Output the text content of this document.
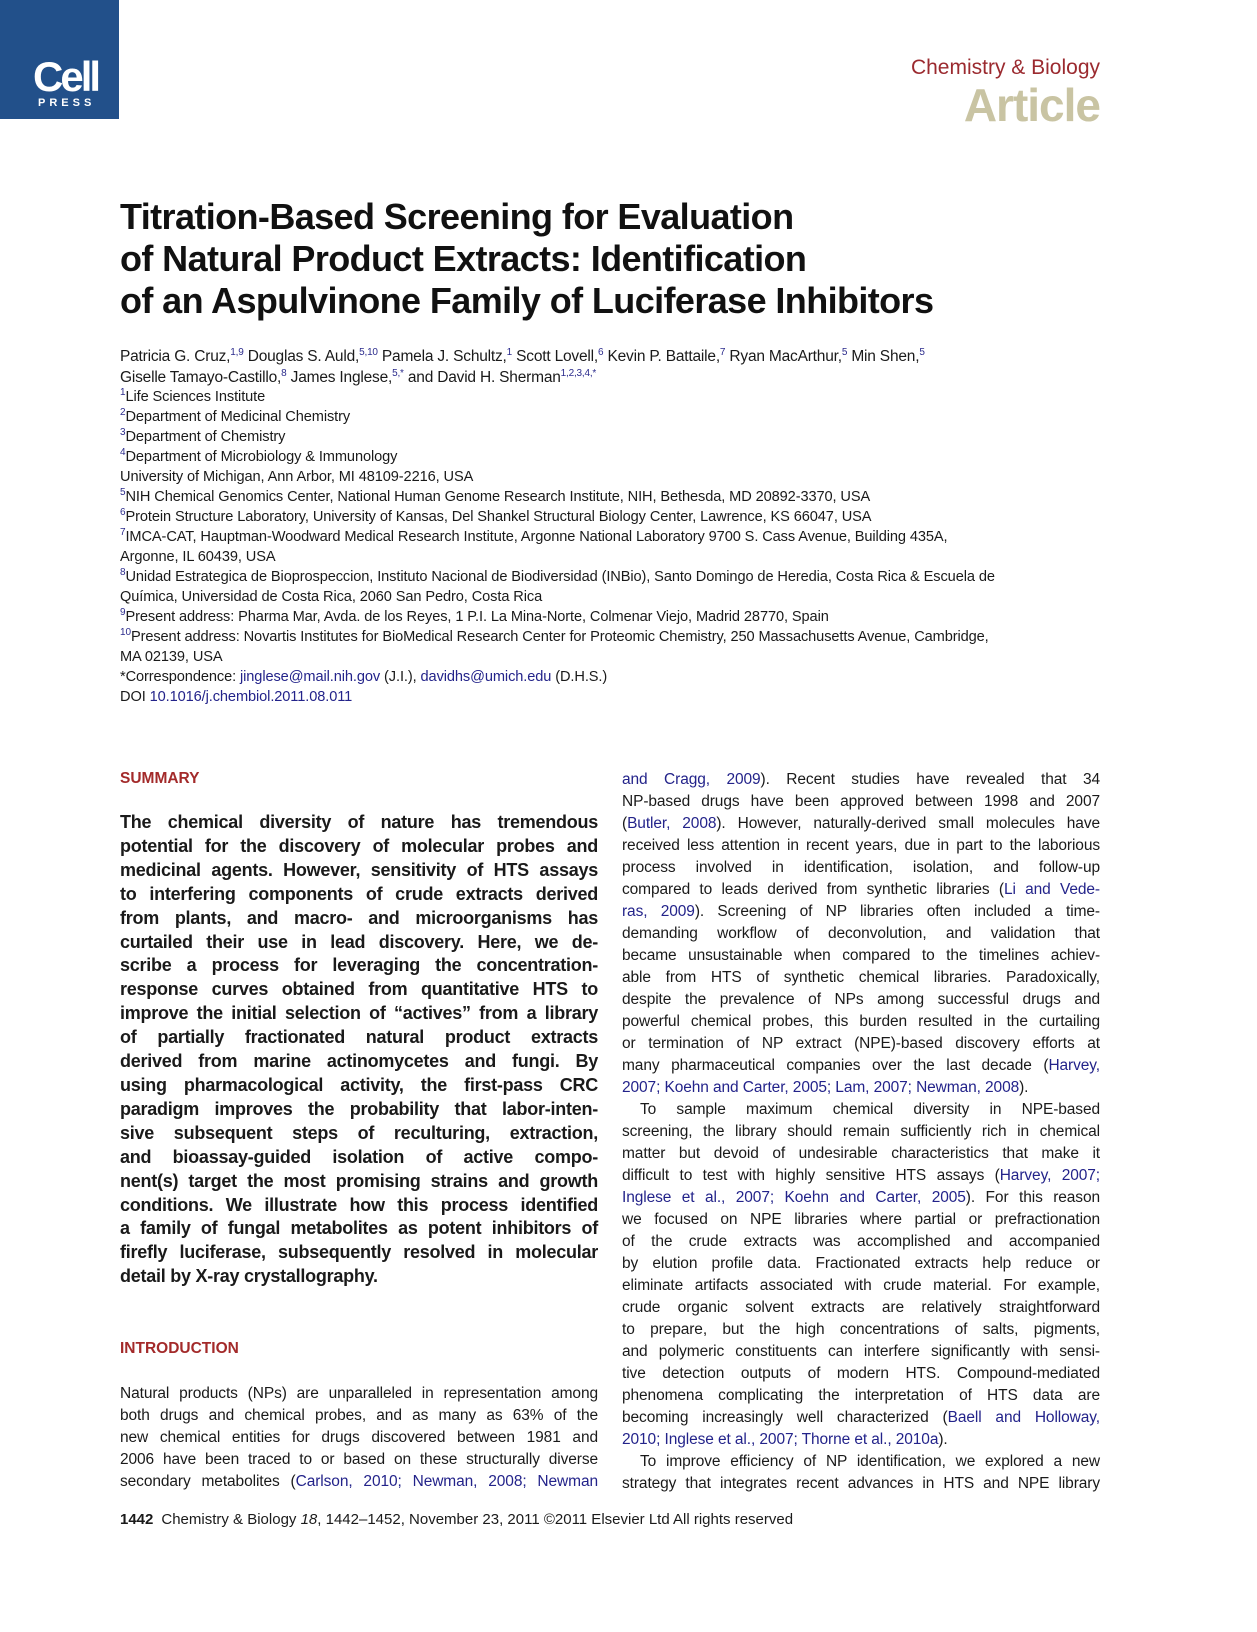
Cell
PRESS
Chemistry & Biology
Article
Titration-Based Screening for Evaluation
of Natural Product Extracts: Identification
of an Aspulvinone Family of Luciferase Inhibitors
Patricia G. Cruz,$^{1,9}$ Douglas S. Auld,$^{5,10}$ Pamela J. Schultz,$^1$ Scott Lovell,$^6$ Kevin P. Battaile,$^7$ Ryan MacArthur,$^5$ Min Shen,$^5$
Giselle Tamayo-Castillo,$^8$ James Inglese,$^{5,*}$ and David H. Sherman$^{1,2,3,4,*}$
$^1$Life Sciences Institute
$^2$Department of Medicinal Chemistry
$^3$Department of Chemistry
$^4$Department of Microbiology & Immunology
University of Michigan, Ann Arbor, MI 48109-2216, USA
$^5$NIH Chemical Genomics Center, National Human Genome Research Institute, NIH, Bethesda, MD 20892-3370, USA
$^6$Protein Structure Laboratory, University of Kansas, Del Shankel Structural Biology Center, Lawrence, KS 66047, USA
$^7$IMCA-CAT, Hauptman-Woodward Medical Research Institute, Argonne National Laboratory 9700 S. Cass Avenue, Building 435A,
Argonne, IL 60439, USA
$^8$Unidad Estrategica de Bioprospeccion, Instituto Nacional de Biodiversidad (INBio), Santo Domingo de Heredia, Costa Rica & Escuela de
Química, Universidad de Costa Rica, 2060 San Pedro, Costa Rica
$^9$Present address: Pharma Mar, Avda. de los Reyes, 1 P.I. La Mina-Norte, Colmenar Viejo, Madrid 28770, Spain
$^{10}$Present address: Novartis Institutes for BioMedical Research Center for Proteomic Chemistry, 250 Massachusetts Avenue, Cambridge,
MA 02139, USA
*Correspondence: jinglese@mail.nih.gov (J.I.), davidhs@umich.edu (D.H.S.)
DOI 10.1016/j.chembiol.2011.08.011
SUMMARY
The chemical diversity of nature has tremendous
potential for the discovery of molecular probes and
medicinal agents. However, sensitivity of HTS assays
to interfering components of crude extracts derived
from plants, and macro- and microorganisms has
curtailed their use in lead discovery. Here, we de-
scribe a process for leveraging the concentration-
response curves obtained from quantitative HTS to
improve the initial selection of “actives” from a library
of partially fractionated natural product extracts
derived from marine actinomycetes and fungi. By
using pharmacological activity, the first-pass CRC
paradigm improves the probability that labor-inten-
sive subsequent steps of reculturing, extraction,
and bioassay-guided isolation of active compo-
nent(s) target the most promising strains and growth
conditions. We illustrate how this process identified
a family of fungal metabolites as potent inhibitors of
firefly luciferase, subsequently resolved in molecular
detail by X-ray crystallography.
INTRODUCTION
Natural products (NPs) are unparalleled in representation among
both drugs and chemical probes, and as many as 63% of the
new chemical entities for drugs discovered between 1981 and
2006 have been traced to or based on these structurally diverse
secondary metabolites (Carlson, 2010; Newman, 2008; Newman
and Cragg, 2009). Recent studies have revealed that 34
NP-based drugs have been approved between 1998 and 2007
(Butler, 2008). However, naturally-derived small molecules have
received less attention in recent years, due in part to the laborious
process involved in identification, isolation, and follow-up
compared to leads derived from synthetic libraries (Li and Vede-
ras, 2009). Screening of NP libraries often included a time-
demanding workflow of deconvolution, and validation that
became unsustainable when compared to the timelines achiev-
able from HTS of synthetic chemical libraries. Paradoxically,
despite the prevalence of NPs among successful drugs and
powerful chemical probes, this burden resulted in the curtailing
or termination of NP extract (NPE)-based discovery efforts at
many pharmaceutical companies over the last decade (Harvey,
2007; Koehn and Carter, 2005; Lam, 2007; Newman, 2008).
To sample maximum chemical diversity in NPE-based
screening, the library should remain sufficiently rich in chemical
matter but devoid of undesirable characteristics that make it
difficult to test with highly sensitive HTS assays (Harvey, 2007;
Inglese et al., 2007; Koehn and Carter, 2005). For this reason
we focused on NPE libraries where partial or prefractionation
of the crude extracts was accomplished and accompanied
by elution profile data. Fractionated extracts help reduce or
eliminate artifacts associated with crude material. For example,
crude organic solvent extracts are relatively straightforward
to prepare, but the high concentrations of salts, pigments,
and polymeric constituents can interfere significantly with sensi-
tive detection outputs of modern HTS. Compound-mediated
phenomena complicating the interpretation of HTS data are
becoming increasingly well characterized (Baell and Holloway,
2010; Inglese et al., 2007; Thorne et al., 2010a).
To improve efficiency of NP identification, we explored a new
strategy that integrates recent advances in HTS and NPE library
1442 Chemistry & Biology 18, 1442–1452, November 23, 2011 ©2011 Elsevier Ltd All rights reserved
